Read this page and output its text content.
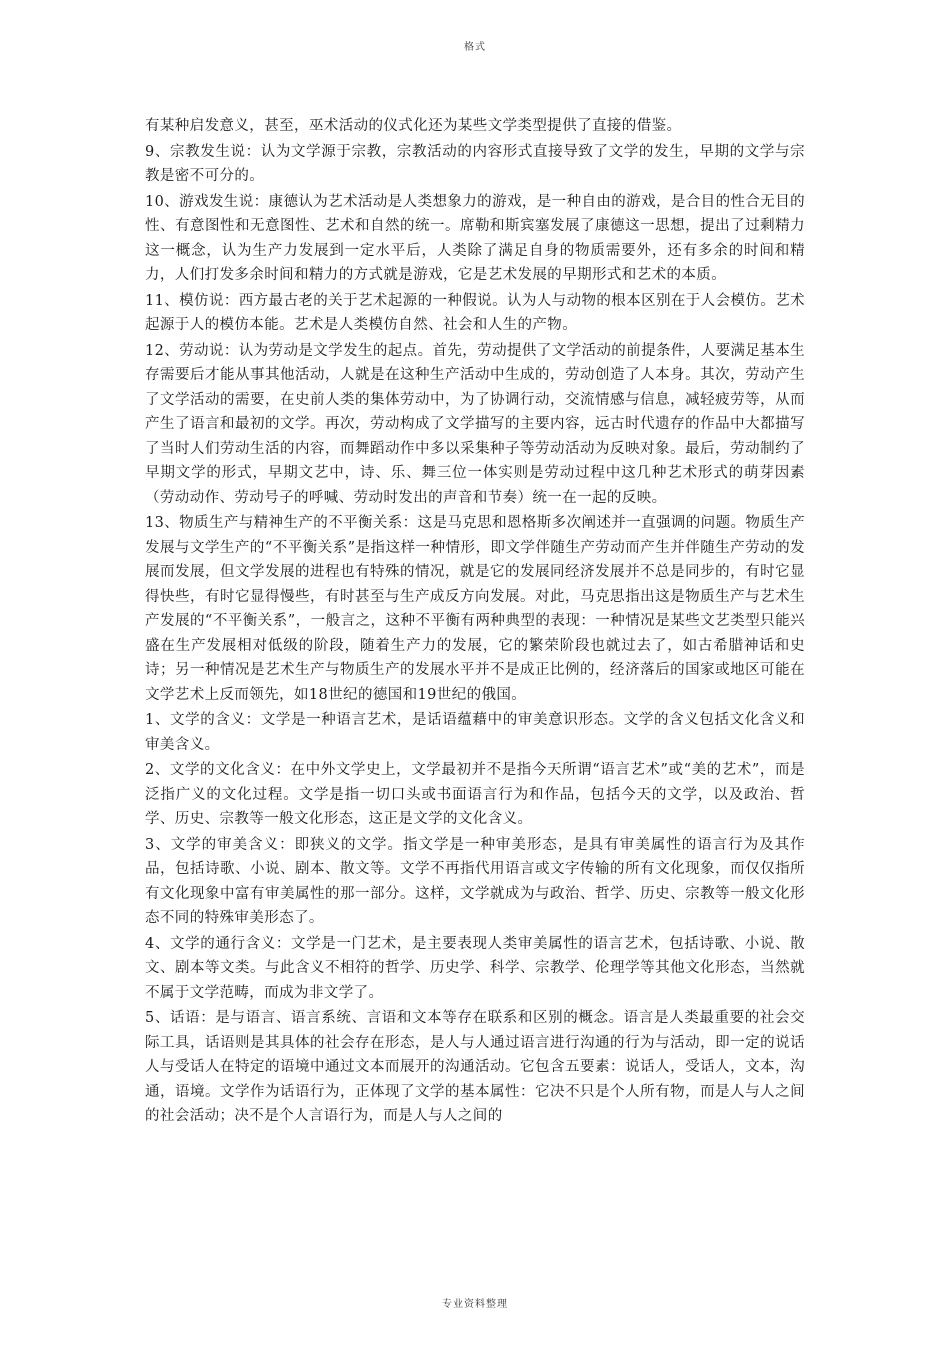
格式

有某种启发意义，甚至，巫术活动的仪式化还为某些文学类型提供了直接的借鉴。

9、宗教发生说：认为文学源于宗教，宗教活动的内容形式直接导致了文学的发生，早期的文学与宗教是密不可分的。

10、游戏发生说：康德认为艺术活动是人类想象力的游戏，是一种自由的游戏，是合目的性合无目的性、有意图性和无意图性、艺术和自然的统一。席勒和斯宾塞发展了康德这一思想，提出了过剩精力这一概念，认为生产力发展到一定水平后，人类除了满足自身的物质需要外，还有多余的时间和精力，人们打发多余时间和精力的方式就是游戏，它是艺术发展的早期形式和艺术的本质。

11、模仿说：西方最古老的关于艺术起源的一种假说。认为人与动物的根本区别在于人会模仿。艺术起源于人的模仿本能。艺术是人类模仿自然、社会和人生的产物。

12、劳动说：认为劳动是文学发生的起点。首先，劳动提供了文学活动的前提条件，人要满足基本生存需要后才能从事其他活动，人就是在这种生产活动中生成的，劳动创造了人本身。其次，劳动产生了文学活动的需要，在史前人类的集体劳动中，为了协调行动，交流情感与信息，减轻疲劳等，从而产生了语言和最初的文学。再次，劳动构成了文学描写的主要内容，远古时代遗存的作品中大都描写了当时人们劳动生活的内容，而舞蹈动作中多以采集种子等劳动活动为反映对象。最后，劳动制约了早期文学的形式，早期文艺中，诗、乐、舞三位一体实则是劳动过程中这几种艺术形式的萌芽因素（劳动动作、劳动号子的呼喊、劳动时发出的声音和节奏）统一在一起的反映。

13、物质生产与精神生产的不平衡关系：这是马克思和恩格斯多次阐述并一直强调的问题。物质生产发展与文学生产的“不平衡关系”是指这样一种情形，即文学伴随生产劳动而产生并伴随生产劳动的发展而发展，但文学发展的进程也有特殊的情况，就是它的发展同经济发展并不总是同步的，有时它显得快些，有时它显得慢些，有时甚至与生产成反方向发展。对此，马克思指出这是物质生产与艺术生产发展的“不平衡关系”，一般言之，这种不平衡有两种典型的表现：一种情况是某些文艺类型只能兴盛在生产发展相对低级的阶段，随着生产力的发展，它的繁荣阶段也就过去了，如古希腊神话和史诗；另一种情况是艺术生产与物质生产的发展水平并不是成正比例的，经济落后的国家或地区可能在文学艺术上反而领先，如18世纪的德国和19世纪的俄国。

1、文学的含义：文学是一种语言艺术，是话语蕴藉中的审美意识形态。文学的含义包括文化含义和审美含义。

2、文学的文化含义：在中外文学史上，文学最初并不是指今天所谓“语言艺术”或“美的艺术”，而是泛指广义的文化过程。文学是指一切口头或书面语言行为和作品，包括今天的文学，以及政治、哲学、历史、宗教等一般文化形态，这正是文学的文化含义。

3、文学的审美含义：即狭义的文学。指文学是一种审美形态，是具有审美属性的语言行为及其作品，包括诗歌、小说、剧本、散文等。文学不再指代用语言或文字传输的所有文化现象，而仅仅指所有文化现象中富有审美属性的那一部分。这样，文学就成为与政治、哲学、历史、宗教等一般文化形态不同的特殊审美形态了。

4、文学的通行含义：文学是一门艺术，是主要表现人类审美属性的语言艺术，包括诗歌、小说、散文、剧本等文类。与此含义不相符的哲学、历史学、科学、宗教学、伦理学等其他文化形态，当然就不属于文学范畴，而成为非文学了。

5、话语：是与语言、语言系统、言语和文本等存在联系和区别的概念。语言是人类最重要的社会交际工具，话语则是其具体的社会存在形态，是人与人通过语言进行沟通的行为与活动，即一定的说话人与受话人在特定的语境中通过文本而展开的沟通活动。它包含五要素：说话人，受话人，文本，沟通，语境。文学作为话语行为，正体现了文学的基本属性：它决不只是个人所有物，而是人与人之间的社会活动；决不是个人言语行为，而是人与人之间的

专业资料整理
